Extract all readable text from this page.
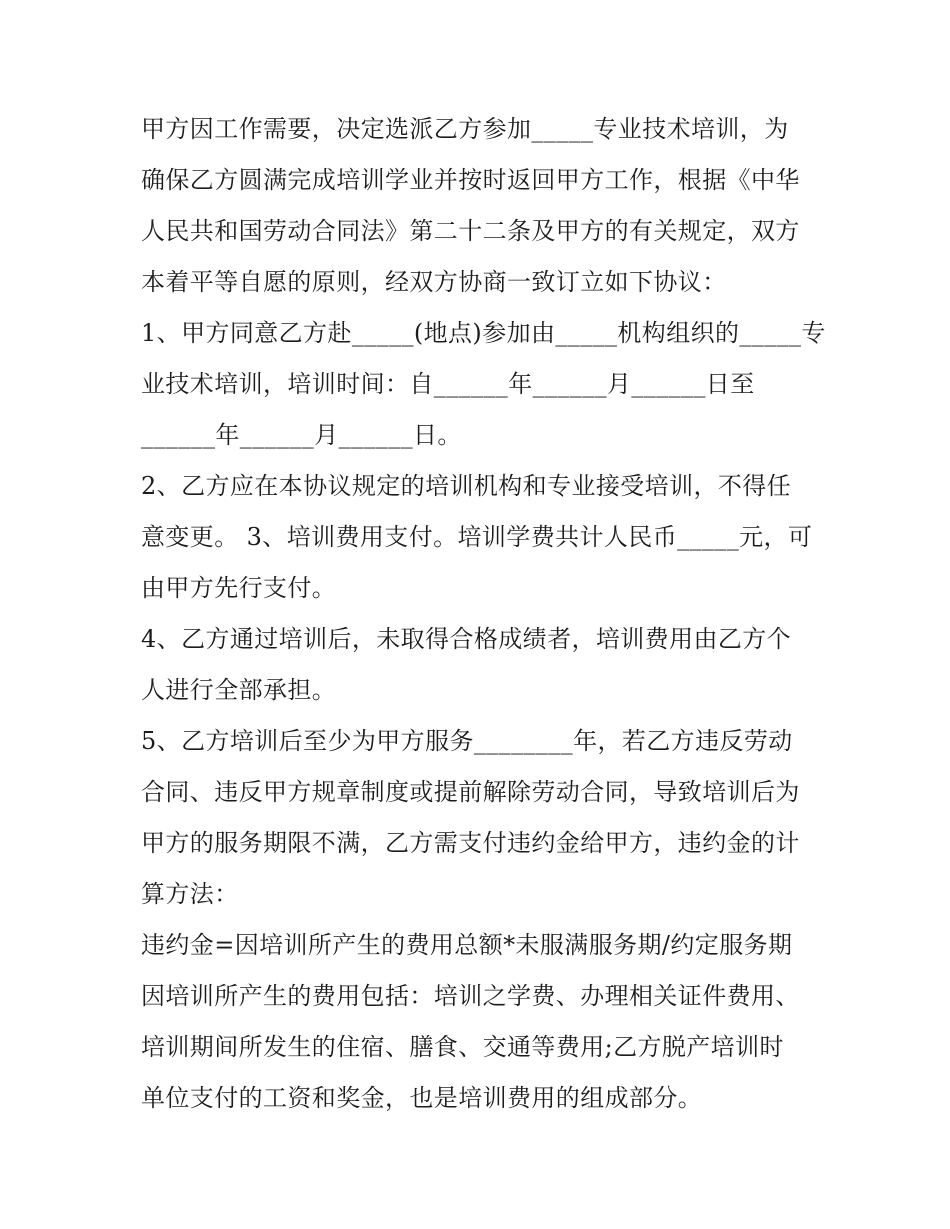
甲方因工作需要，决定选派乙方参加_____专业技术培训，为
确保乙方圆满完成培训学业并按时返回甲方工作，根据《中华
人民共和国劳动合同法》第二十二条及甲方的有关规定，双方
本着平等自愿的原则，经双方协商一致订立如下协议：
1、甲方同意乙方赴_____(地点)参加由_____机构组织的_____专
业技术培训，培训时间：自______年______月______日至
______年______月______日。
2、乙方应在本协议规定的培训机构和专业接受培训，不得任
意变更。 3、培训费用支付。培训学费共计人民币_____元，可
由甲方先行支付。
4、乙方通过培训后，未取得合格成绩者，培训费用由乙方个
人进行全部承担。
5、乙方培训后至少为甲方服务________年，若乙方违反劳动
合同、违反甲方规章制度或提前解除劳动合同，导致培训后为
甲方的服务期限不满，乙方需支付违约金给甲方，违约金的计
算方法：
违约金=因培训所产生的费用总额*未服满服务期/约定服务期
因培训所产生的费用包括：培训之学费、办理相关证件费用、
培训期间所发生的住宿、膳食、交通等费用;乙方脱产培训时
单位支付的工资和奖金，也是培训费用的组成部分。
